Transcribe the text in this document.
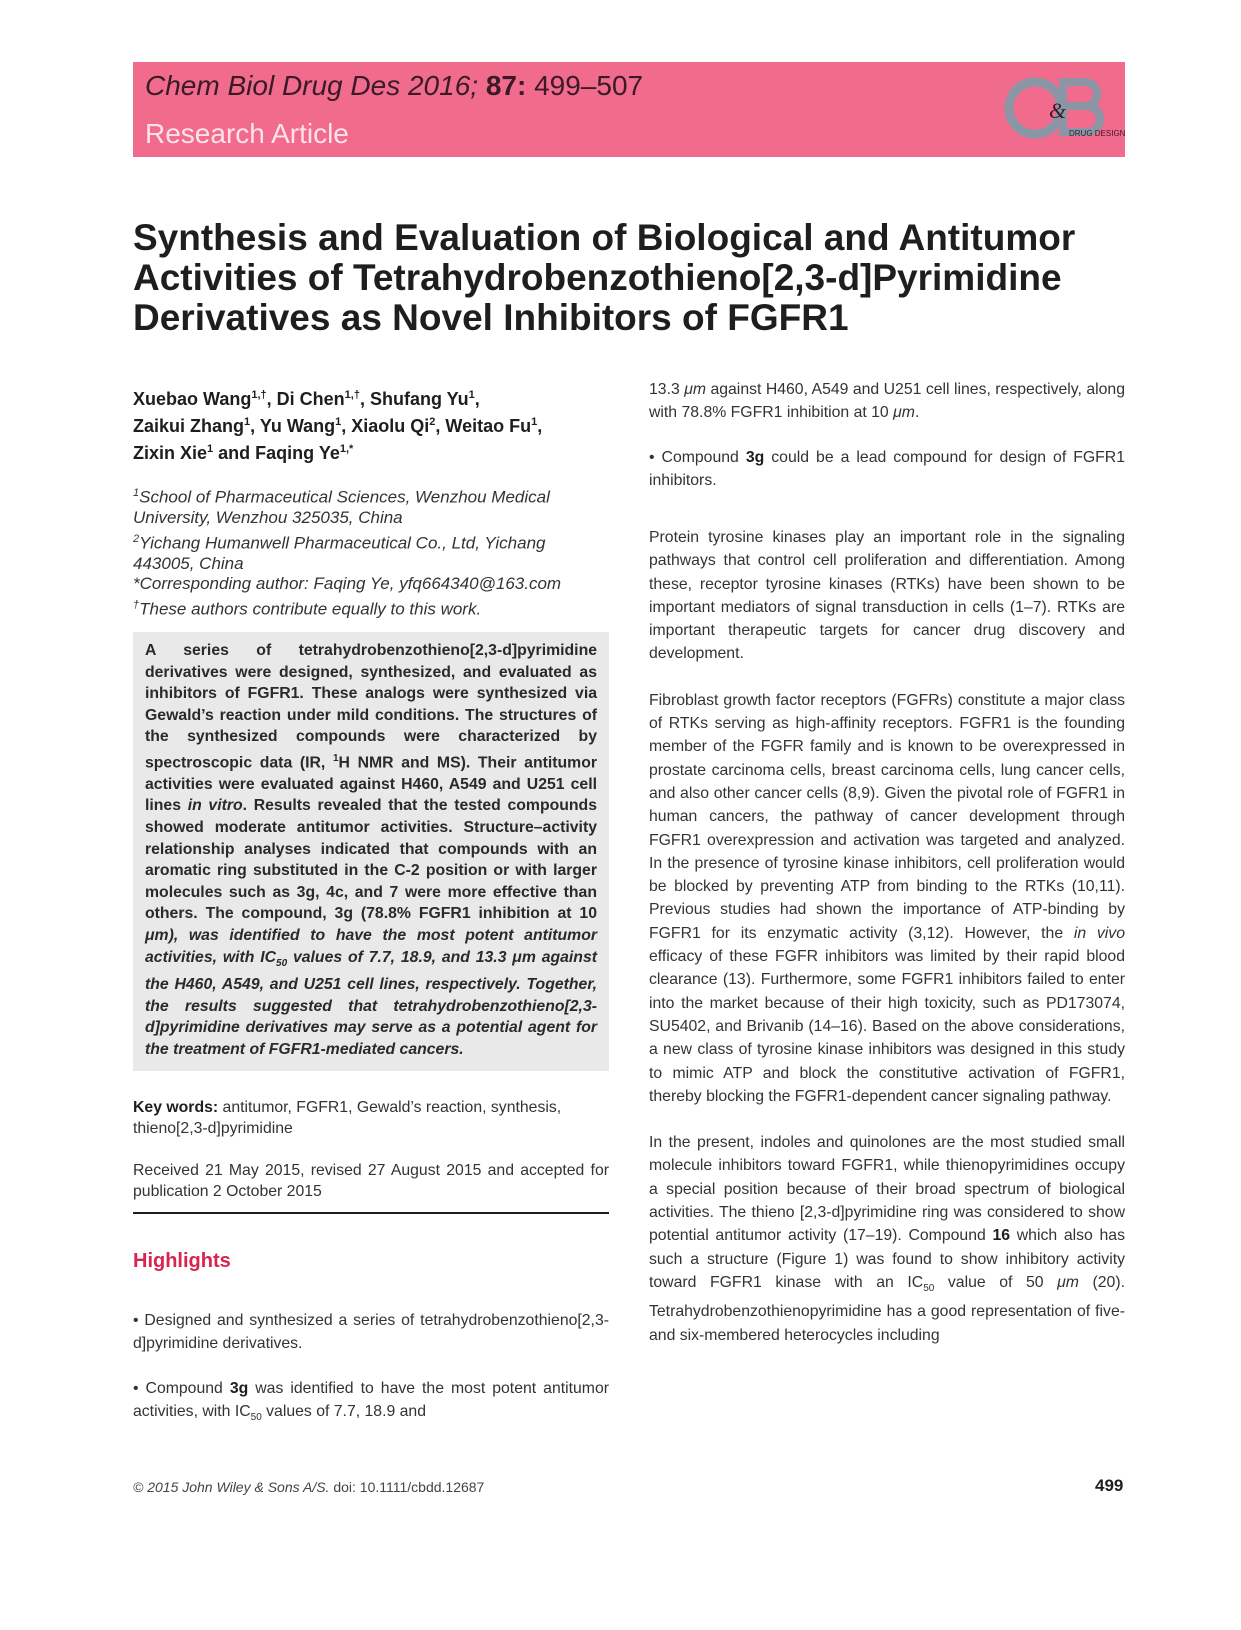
Chem Biol Drug Des 2016; 87: 499–507
Research Article
&
DRUG DESIGN
Synthesis and Evaluation of Biological and Antitumor
Activities of Tetrahydrobenzothieno[2,3-d]Pyrimidine
Derivatives as Novel Inhibitors of FGFR1
Xuebao Wang$^{1,\dagger}$, Di Chen$^{1,\dagger}$, Shufang Yu$^1$,
Zaikui Zhang$^1$, Yu Wang$^1$, Xiaolu Qi$^2$, Weitao Fu$^1$,
Zixin Xie$^1$ and Faqing $Ye^{1,*}$
$^1$School of Pharmaceutical Sciences, Wenzhou Medical University, Wenzhou 325035, China
$^2$Yichang Humanwell Pharmaceutical Co., Ltd, Yichang 443005, China
*Corresponding author: Faqing Ye, yfq664340@163.com
†These authors contribute equally to this work.
A series of tetrahydrobenzothieno[2,3-d]pyrimidine derivatives were designed, synthesized, and evaluated as inhibitors of FGFR1. These analogs were synthesized via Gewald’s reaction under mild conditions. The structures of the synthesized compounds were characterized by spectroscopic data (IR, $^1$H NMR and MS). Their antitumor activities were evaluated against H460, A549 and U251 cell lines in vitro. Results revealed that the tested compounds showed moderate antitumor activities. Structure–activity relationship analyses indicated that compounds with an aromatic ring substituted in the C-2 position or with larger molecules such as 3g, 4c, and 7 were more effective than others. The compound, 3g (78.8% FGFR1 inhibition at 10 μm), was identified to have the most potent antitumor activities, with $IC_{50}$ values of 7.7, 18.9, and 13.3 μm against the H460, A549, and U251 cell lines, respectively. Together, the results suggested that tetrahydrobenzothieno[2,3-d]pyrimidine derivatives may serve as a potential agent for the treatment of FGFR1-mediated cancers.
Key words: antitumor, FGFR1, Gewald’s reaction, synthesis, thieno[2,3-d]pyrimidine
Received 21 May 2015, revised 27 August 2015 and accepted for publication 2 October 2015
Highlights
• Designed and synthesized a series of tetrahydrobenzothieno[2,3-d]pyrimidine derivatives.
• Compound 3g was identified to have the most potent antitumor activities, with $IC_{50}$ values of 7.7, 18.9 and
13.3 μm against H460, A549 and U251 cell lines, respectively, along with 78.8% FGFR1 inhibition at 10 μm.
• Compound 3g could be a lead compound for design of FGFR1 inhibitors.
Protein tyrosine kinases play an important role in the signaling pathways that control cell proliferation and differentiation. Among these, receptor tyrosine kinases (RTKs) have been shown to be important mediators of signal transduction in cells (1–7). RTKs are important therapeutic targets for cancer drug discovery and development.
Fibroblast growth factor receptors (FGFRs) constitute a major class of RTKs serving as high-affinity receptors. FGFR1 is the founding member of the FGFR family and is known to be overexpressed in prostate carcinoma cells, breast carcinoma cells, lung cancer cells, and also other cancer cells (8,9). Given the pivotal role of FGFR1 in human cancers, the pathway of cancer development through FGFR1 overexpression and activation was targeted and analyzed. In the presence of tyrosine kinase inhibitors, cell proliferation would be blocked by preventing ATP from binding to the RTKs (10,11). Previous studies had shown the importance of ATP-binding by FGFR1 for its enzymatic activity (3,12). However, the in vivo efficacy of these FGFR inhibitors was limited by their rapid blood clearance (13). Furthermore, some FGFR1 inhibitors failed to enter into the market because of their high toxicity, such as PD173074, SU5402, and Brivanib (14–16). Based on the above considerations, a new class of tyrosine kinase inhibitors was designed in this study to mimic ATP and block the constitutive activation of FGFR1, thereby blocking the FGFR1-dependent cancer signaling pathway.
In the present, indoles and quinolones are the most studied small molecule inhibitors toward FGFR1, while thienopyrimidines occupy a special position because of their broad spectrum of biological activities. The thieno [2,3-d]pyrimidine ring was considered to show potential antitumor activity (17–19). Compound 16 which also has such a structure (Figure 1) was found to show inhibitory activity toward FGFR1 kinase with an $IC_{50}$ value of 50 μm (20). Tetrahydrobenzothienopyrimidine has a good representation of five- and six-membered heterocycles including
© 2015 John Wiley & Sons A/S. doi: 10.1111/cbdd.12687	499
